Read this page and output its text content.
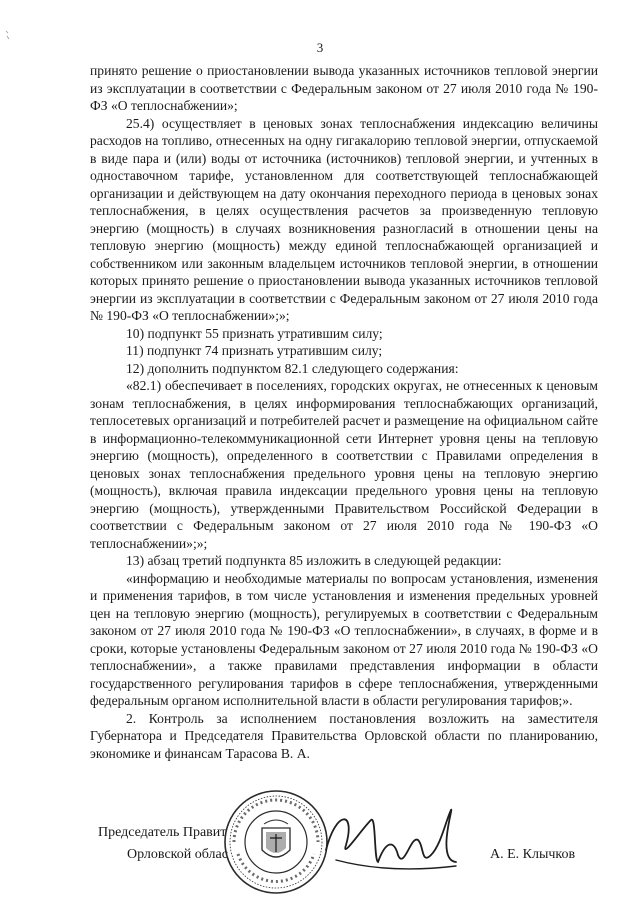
3

принято решение о приостановлении вывода указанных источников тепловой энергии из эксплуатации в соответствии с Федеральным законом от 27 июля 2010 года № 190-ФЗ «О теплоснабжении»;

25.4) осуществляет в ценовых зонах теплоснабжения индексацию величины расходов на топливо, отнесенных на одну гигакалорию тепловой энергии, отпускаемой в виде пара и (или) воды от источника (источников) тепловой энергии, и учтенных в одноставочном тарифе, установленном для соответствующей теплоснабжающей организации и действующем на дату окончания переходного периода в ценовых зонах теплоснабжения, в целях осуществления расчетов за произведенную тепловую энергию (мощность) в случаях возникновения разногласий в отношении цены на тепловую энергию (мощность) между единой теплоснабжающей организацией и собственником или законным владельцем источников тепловой энергии, в отношении которых принято решение о приостановлении вывода указанных источников тепловой энергии из эксплуатации в соответствии с Федеральным законом от 27 июля 2010 года № 190-ФЗ «О теплоснабжении»;»;

10) подпункт 55 признать утратившим силу;

11) подпункт 74 признать утратившим силу;

12) дополнить подпунктом 82.1 следующего содержания:

«82.1) обеспечивает в поселениях, городских округах, не отнесенных к ценовым зонам теплоснабжения, в целях информирования теплоснабжающих организаций, теплосетевых организаций и потребителей расчет и размещение на официальном сайте в информационно-телекоммуникационной сети Интернет уровня цены на тепловую энергию (мощность), определенного в соответствии с Правилами определения в ценовых зонах теплоснабжения предельного уровня цены на тепловую энергию (мощность), включая правила индексации предельного уровня цены на тепловую энергию (мощность), утвержденными Правительством Российской Федерации в соответствии с Федеральным законом от 27 июля 2010 года № 190-ФЗ «О теплоснабжении»;»;

13) абзац третий подпункта 85 изложить в следующей редакции:

«информацию и необходимые материалы по вопросам установления, изменения и применения тарифов, в том числе установления и изменения предельных уровней цен на тепловую энергию (мощность), регулируемых в соответствии с Федеральным законом от 27 июля 2010 года № 190-ФЗ «О теплоснабжении», в случаях, в форме и в сроки, которые установлены Федеральным законом от 27 июля 2010 года № 190-ФЗ «О теплоснабжении», а также правилами представления информации в области государственного регулирования тарифов в сфере теплоснабжения, утвержденными федеральным органом исполнительной власти в области регулирования тарифов;».

2. Контроль за исполнением постановления возложить на заместителя Губернатора и Председателя Правительства Орловской области по планированию, экономике и финансам Тарасова В. А.

Председатель Правит
Орловской облас	А. Е. Клычков
